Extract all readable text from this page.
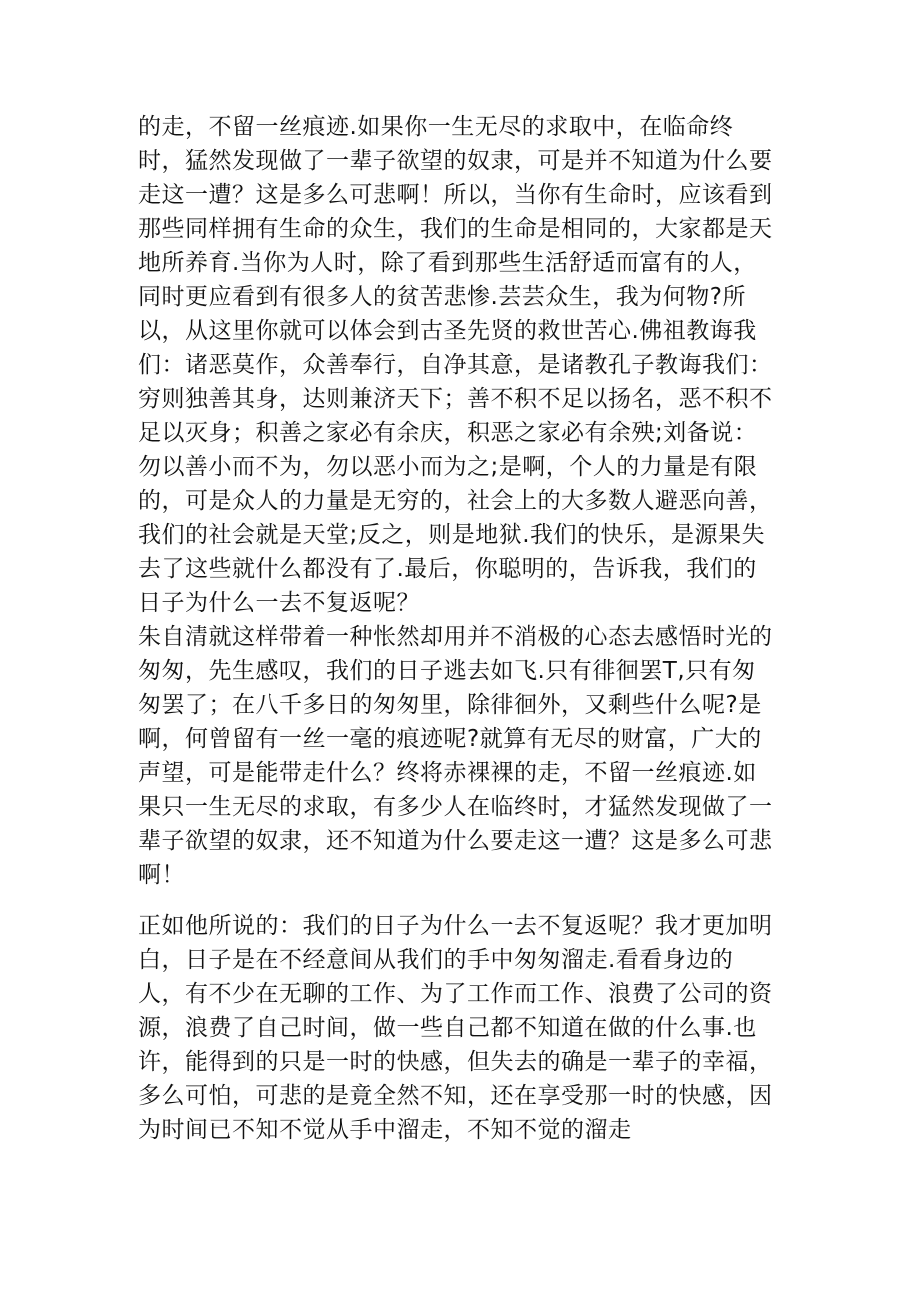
的走，不留一丝痕迹.如果你一生无尽的求取中，在临命终
时，猛然发现做了一辈子欲望的奴隶，可是并不知道为什么要
走这一遭？这是多么可悲啊！所以，当你有生命时，应该看到
那些同样拥有生命的众生，我们的生命是相同的，大家都是天
地所养育.当你为人时，除了看到那些生活舒适而富有的人，
同时更应看到有很多人的贫苦悲惨.芸芸众生，我为何物?所
以，从这里你就可以体会到古圣先贤的救世苦心.佛祖教诲我
们：诸恶莫作，众善奉行，自净其意，是诸教孔子教诲我们：
穷则独善其身，达则兼济天下；善不积不足以扬名，恶不积不
足以灭身；积善之家必有余庆，积恶之家必有余殃;刘备说：
勿以善小而不为，勿以恶小而为之;是啊，个人的力量是有限
的，可是众人的力量是无穷的，社会上的大多数人避恶向善，
我们的社会就是天堂;反之，则是地狱.我们的快乐，是源果失
去了这些就什么都没有了.最后，你聪明的，告诉我，我们的
日子为什么一去不复返呢？
朱自清就这样带着一种怅然却用并不消极的心态去感悟时光的
匆匆，先生感叹，我们的日子逃去如飞.只有徘徊罢T,只有匆
匆罢了；在八千多日的匆匆里，除徘徊外，又剩些什么呢?是
啊，何曾留有一丝一毫的痕迹呢?就算有无尽的财富，广大的
声望，可是能带走什么？终将赤裸裸的走，不留一丝痕迹.如
果只一生无尽的求取，有多少人在临终时，才猛然发现做了一
辈子欲望的奴隶，还不知道为什么要走这一遭？这是多么可悲
啊！
正如他所说的：我们的日子为什么一去不复返呢？我才更加明
白，日子是在不经意间从我们的手中匆匆溜走.看看身边的
人，有不少在无聊的工作、为了工作而工作、浪费了公司的资
源，浪费了自己时间，做一些自己都不知道在做的什么事.也
许，能得到的只是一时的快感，但失去的确是一辈子的幸福，
多么可怕，可悲的是竟全然不知，还在享受那一时的快感，因
为时间已不知不觉从手中溜走，不知不觉的溜走
